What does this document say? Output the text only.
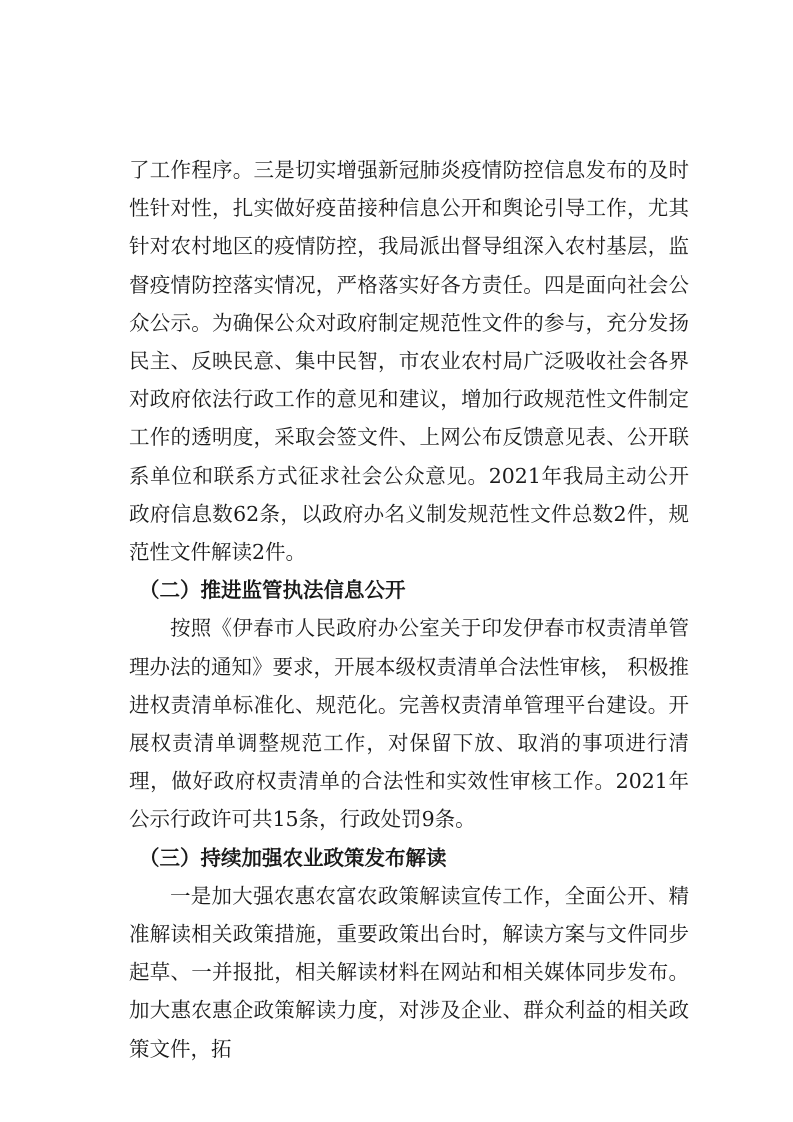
了工作程序。三是切实增强新冠肺炎疫情防控信息发布的及时性针对性，扎实做好疫苗接种信息公开和舆论引导工作，尤其针对农村地区的疫情防控，我局派出督导组深入农村基层，监督疫情防控落实情况，严格落实好各方责任。四是面向社会公众公示。为确保公众对政府制定规范性文件的参与，充分发扬民主、反映民意、集中民智，市农业农村局广泛吸收社会各界对政府依法行政工作的意见和建议，增加行政规范性文件制定工作的透明度，采取会签文件、上网公布反馈意见表、公开联系单位和联系方式征求社会公众意见。2021年我局主动公开政府信息数62条，以政府办名义制发规范性文件总数2件，规范性文件解读2件。

（二）推进监管执法信息公开

按照《伊春市人民政府办公室关于印发伊春市权责清单管理办法的通知》要求，开展本级权责清单合法性审核， 积极推进权责清单标准化、规范化。完善权责清单管理平台建设。开展权责清单调整规范工作，对保留下放、取消的事项进行清理，做好政府权责清单的合法性和实效性审核工作。2021年公示行政许可共15条，行政处罚9条。

（三）持续加强农业政策发布解读

一是加大强农惠农富农政策解读宣传工作，全面公开、精准解读相关政策措施，重要政策出台时，解读方案与文件同步起草、一并报批，相关解读材料在网站和相关媒体同步发布。加大惠农惠企政策解读力度，对涉及企业、群众利益的相关政策文件，拓
